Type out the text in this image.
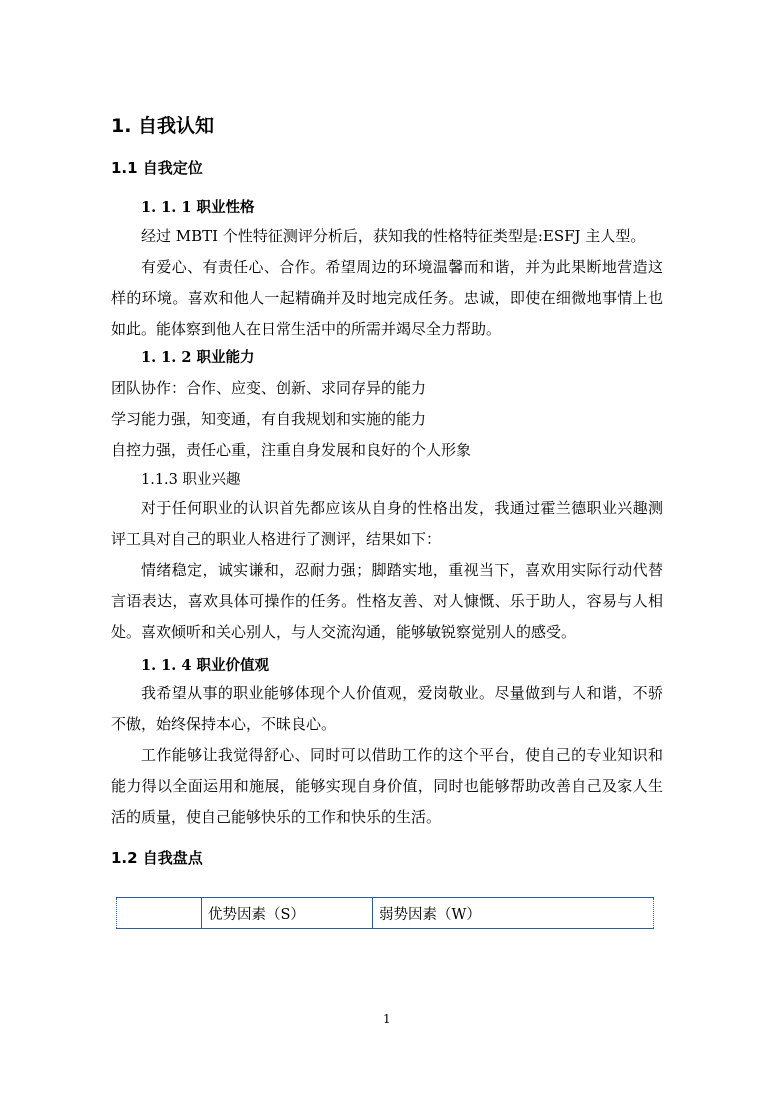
1. 自我认知
1.1 自我定位
1. 1. 1 职业性格
经过 MBTI 个性特征测评分析后，获知我的性格特征类型是:ESFJ 主人型。
有爱心、有责任心、合作。希望周边的环境温馨而和谐，并为此果断地营造这样的环境。喜欢和他人一起精确并及时地完成任务。忠诚，即使在细微地事情上也如此。能体察到他人在日常生活中的所需并竭尽全力帮助。
1. 1. 2 职业能力
团队协作：合作、应变、创新、求同存异的能力
学习能力强，知变通，有自我规划和实施的能力
自控力强，责任心重，注重自身发展和良好的个人形象
1.1.3 职业兴趣
对于任何职业的认识首先都应该从自身的性格出发，我通过霍兰德职业兴趣测评工具对自己的职业人格进行了测评，结果如下：
情绪稳定，诚实谦和，忍耐力强；脚踏实地，重视当下，喜欢用实际行动代替言语表达，喜欢具体可操作的任务。性格友善、对人慷慨、乐于助人，容易与人相处。喜欢倾听和关心别人，与人交流沟通，能够敏锐察觉别人的感受。
1. 1. 4 职业价值观
我希望从事的职业能够体现个人价值观，爱岗敬业。尽量做到与人和谐，不骄不傲，始终保持本心，不昧良心。
工作能够让我觉得舒心、同时可以借助工作的这个平台，使自己的专业知识和能力得以全面运用和施展，能够实现自身价值，同时也能够帮助改善自己及家人生活的质量，使自己能够快乐的工作和快乐的生活。
1.2 自我盘点
	优势因素（S）	弱势因素（W）
1
